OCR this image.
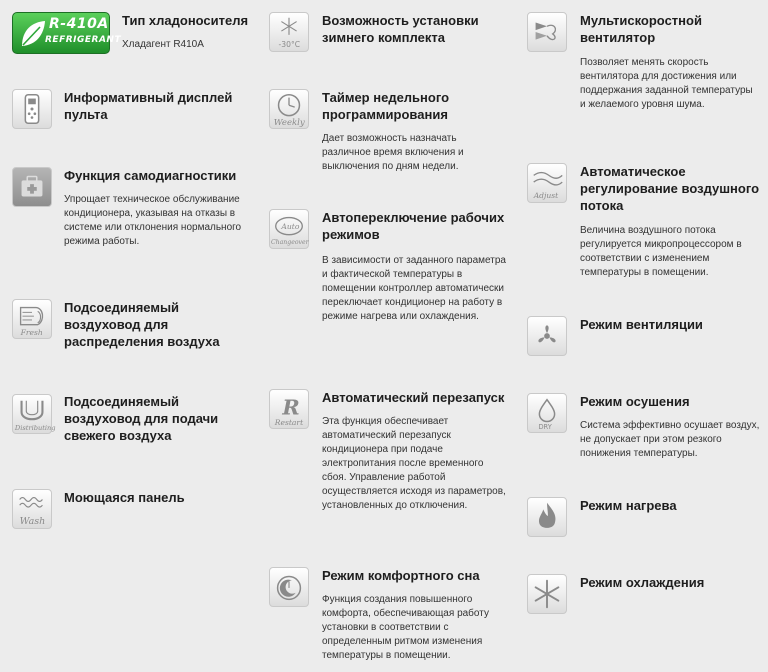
R-410A
REFRIGERANT
Тип хладоносителя
Хладагент R410A
Информативный дисплей пульта
Функция самодиагностики
Упрощает техническое обслуживание кондиционера, указывая на отказы в системе или отклонения нормального режима работы.
Fresh
Подсоединяемый воздуховод для распределения воздуха
Distributing
Подсоединяемый воздуховод для подачи свежего воздуха
Wash
Моющаяся панель
-30°C
Возможность установки зимнего комплекта
Weekly
Таймер недельного программирования
Дает возможность назначать различное время включения и выключения по дням недели.
Auto
Changeover
Автопереключение рабочих режимов
В зависимости от заданного параметра и фактической температуры в помещении контроллер автоматически переключает кондиционер на работу в режиме нагрева или охлаждения.
R
Restart
Автоматический перезапуск
Эта функция обеспечивает автоматический перезапуск кондиционера при подаче электропитания после временного сбоя. Управление работой осуществляется исходя из параметров, установленных до отключения.
Режим комфортного сна
Функция создания повышенного комфорта, обеспечивающая работу установки в соответствии с определенным ритмом изменения температуры в помещении.
Мультискоростной вентилятор
Позволяет менять скорость вентилятора для достижения или поддержания заданной температуры и желаемого уровня шума.
Adjust
Автоматическое регулирование воздушного потока
Величина воздушного потока регулируется микропроцессором в соответствии с изменением температуры в помещении.
Режим вентиляции
DRY
Режим осушения
Система эффективно осушает воздух, не допускает при этом резкого понижения температуры.
Режим нагрева
Режим охлаждения
